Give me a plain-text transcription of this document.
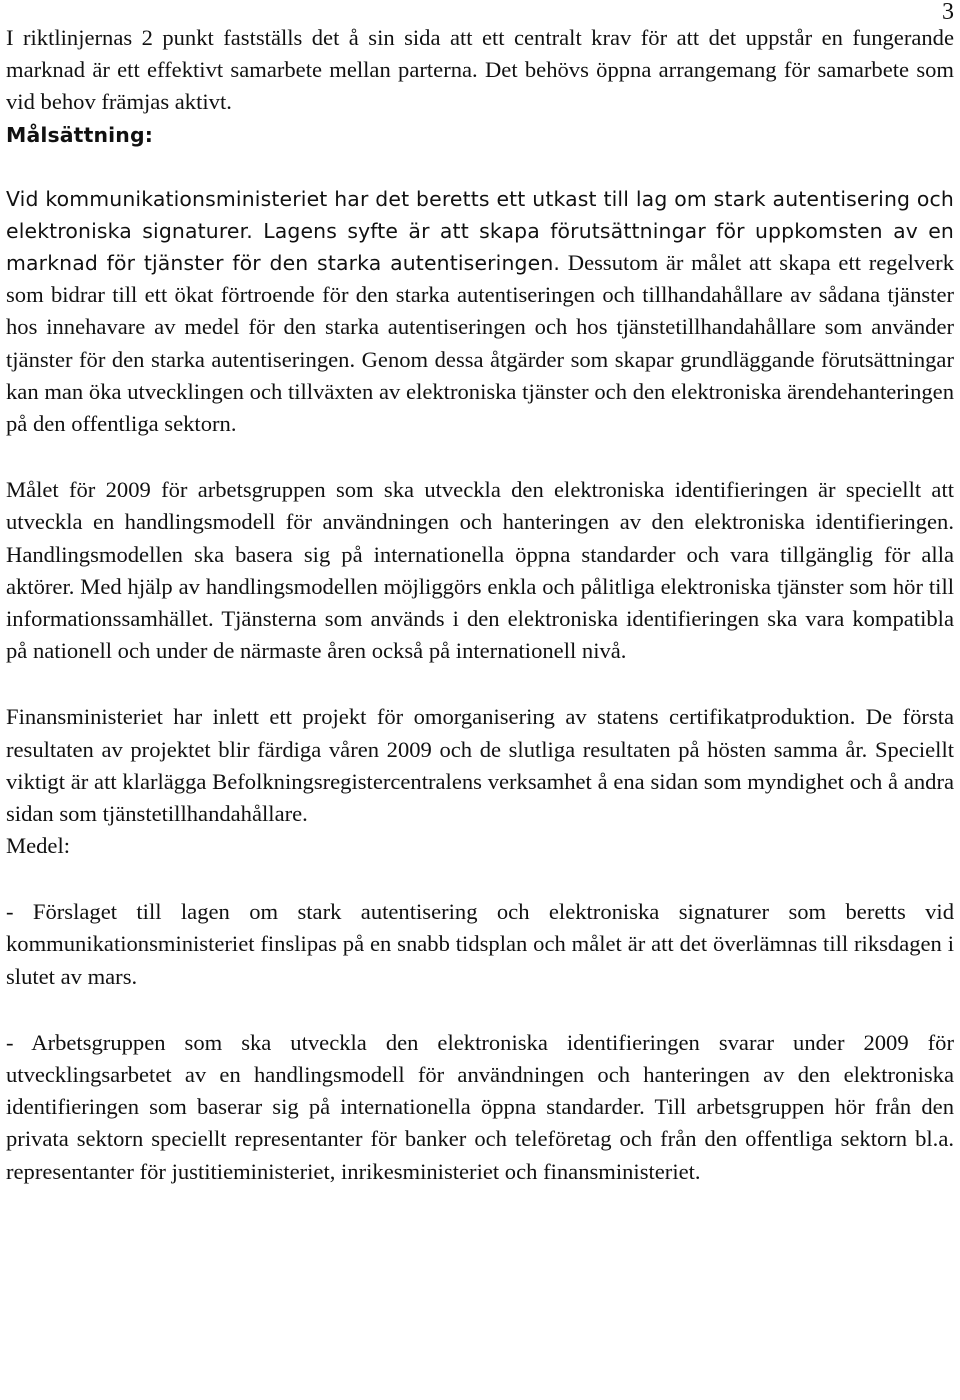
3

I riktlinjernas 2 punkt fastställs det å sin sida att ett centralt krav för att det uppstår en fungerande marknad är ett effektivt samarbete mellan parterna. Det behövs öppna arrangemang för samarbete som vid behov främjas aktivt.

Målsättning:

Vid kommunikationsministeriet har det beretts ett utkast till lag om stark autentisering och elektroniska signaturer. Lagens syfte är att skapa förutsättningar för uppkomsten av en marknad för tjänster för den starka autentiseringen. Dessutom är målet att skapa ett regelverk som bidrar till ett ökat förtroende för den starka autentiseringen och tillhandahållare av sådana tjänster hos innehavare av medel för den starka autentiseringen och hos tjänstetillhandahållare som använder tjänster för den starka autentiseringen. Genom dessa åtgärder som skapar grundläggande förutsättningar kan man öka utvecklingen och tillväxten av elektroniska tjänster och den elektroniska ärendehanteringen på den offentliga sektorn.

Målet för 2009 för arbetsgruppen som ska utveckla den elektroniska identifieringen är speciellt att utveckla en handlingsmodell för användningen och hanteringen av den elektroniska identifieringen. Handlingsmodellen ska basera sig på internationella öppna standarder och vara tillgänglig för alla aktörer. Med hjälp av handlingsmodellen möjliggörs enkla och pålitliga elektroniska tjänster som hör till informationssamhället. Tjänsterna som används i den elektroniska identifieringen ska vara kompatibla på nationell och under de närmaste åren också på internationell nivå.

Finansministeriet har inlett ett projekt för omorganisering av statens certifikatproduktion. De första resultaten av projektet blir färdiga våren 2009 och de slutliga resultaten på hösten samma år. Speciellt viktigt är att klarlägga Befolkningsregistercentralens verksamhet å ena sidan som myndighet och å andra sidan som tjänstetillhandahållare.

Medel:

- Förslaget till lagen om stark autentisering och elektroniska signaturer som beretts vid kommunikationsministeriet finslipas på en snabb tidsplan och målet är att det överlämnas till riksdagen i slutet av mars.

- Arbetsgruppen som ska utveckla den elektroniska identifieringen svarar under 2009 för utvecklingsarbetet av en handlingsmodell för användningen och hanteringen av den elektroniska identifieringen som baserar sig på internationella öppna standarder. Till arbetsgruppen hör från den privata sektorn speciellt representanter för banker och teleföretag och från den offentliga sektorn bl.a. representanter för justitieministeriet, inrikesministeriet och finansministeriet.
